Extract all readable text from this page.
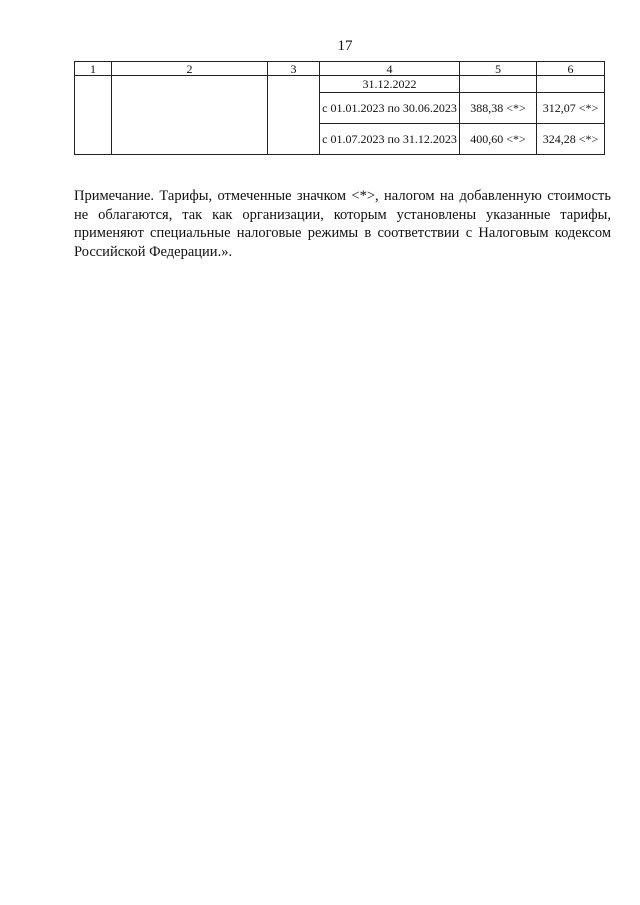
17
1	2	3	4	5	6
			31.12.2022		
			с 01.01.2023 по 30.06.2023	388,38 <*>	312,07 <*>
			с 01.07.2023 по 31.12.2023	400,60 <*>	324,28 <*>

Примечание. Тарифы, отмеченные значком <*>, налогом на добавленную стоимость не облагаются, так как организации, которым установлены указанные тарифы, применяют специальные налоговые режимы в соответствии с Налоговым кодексом Российской Федерации.».
